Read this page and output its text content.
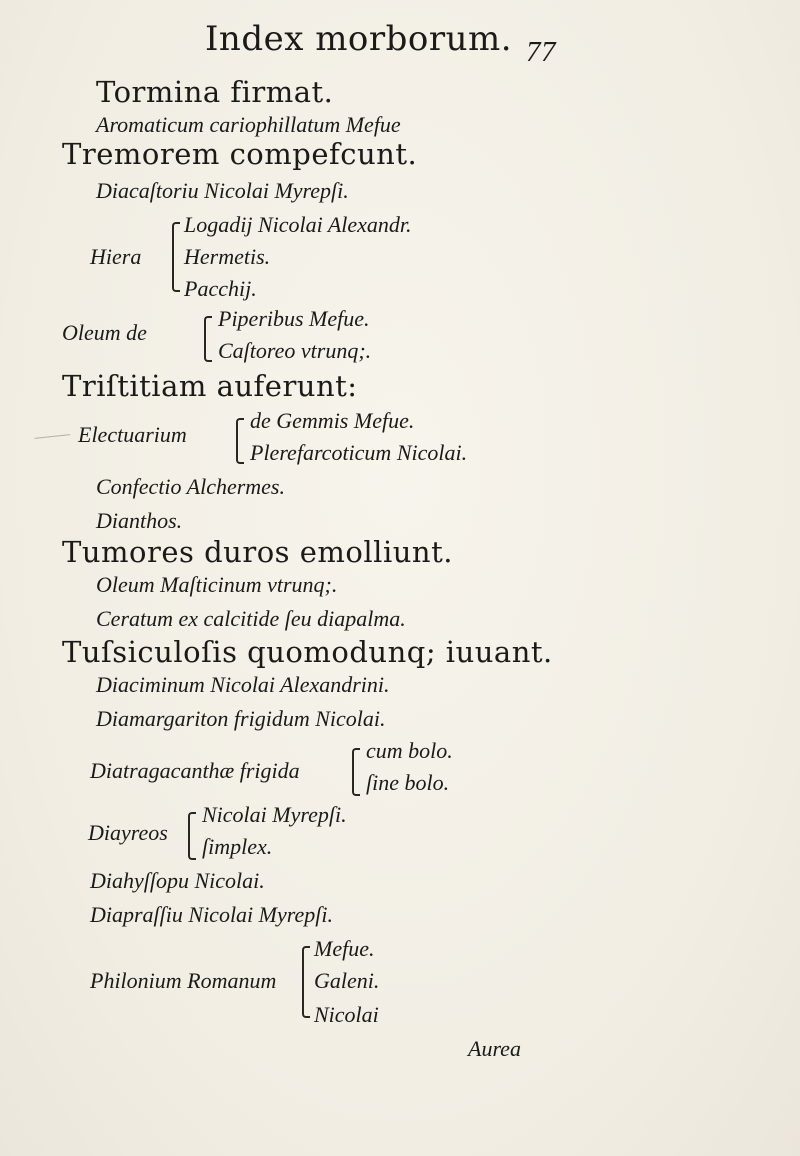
Index morborum. 77
Tormina firmat.
Aromaticum cariophillatum Mefue
Tremorem compefcunt.
Diacaſtoriu Nicolai Myrepſi.
Logadij Nicolai Alexandr.
Hiera Hermetis.
Pacchij.
Oleum de
Piperibus Mefue.
Caſtoreo vtrunq;.
Triſtitiam auferunt:
Electuarium
de Gemmis Mefue.
Plerefarcoticum Nicolai.
Confectio Alchermes.
Dianthos.
Tumores duros emolliunt.
Oleum Maſticinum vtrunq;.
Ceratum ex calcitide ſeu diapalma.
Tuſsiculoſis quomodunq; iuuant.
Diaciminum Nicolai Alexandrini.
Diamargariton frigidum Nicolai.
Diatragacanthæ frigida
cum bolo.
ſine bolo.
Diayreos
Nicolai Myrepſi.
ſimplex.
Diahyſſopu Nicolai.
Diapraſſiu Nicolai Myrepſi.
Mefue.
Philonium Romanum Galeni.
Nicolai
Aurea
